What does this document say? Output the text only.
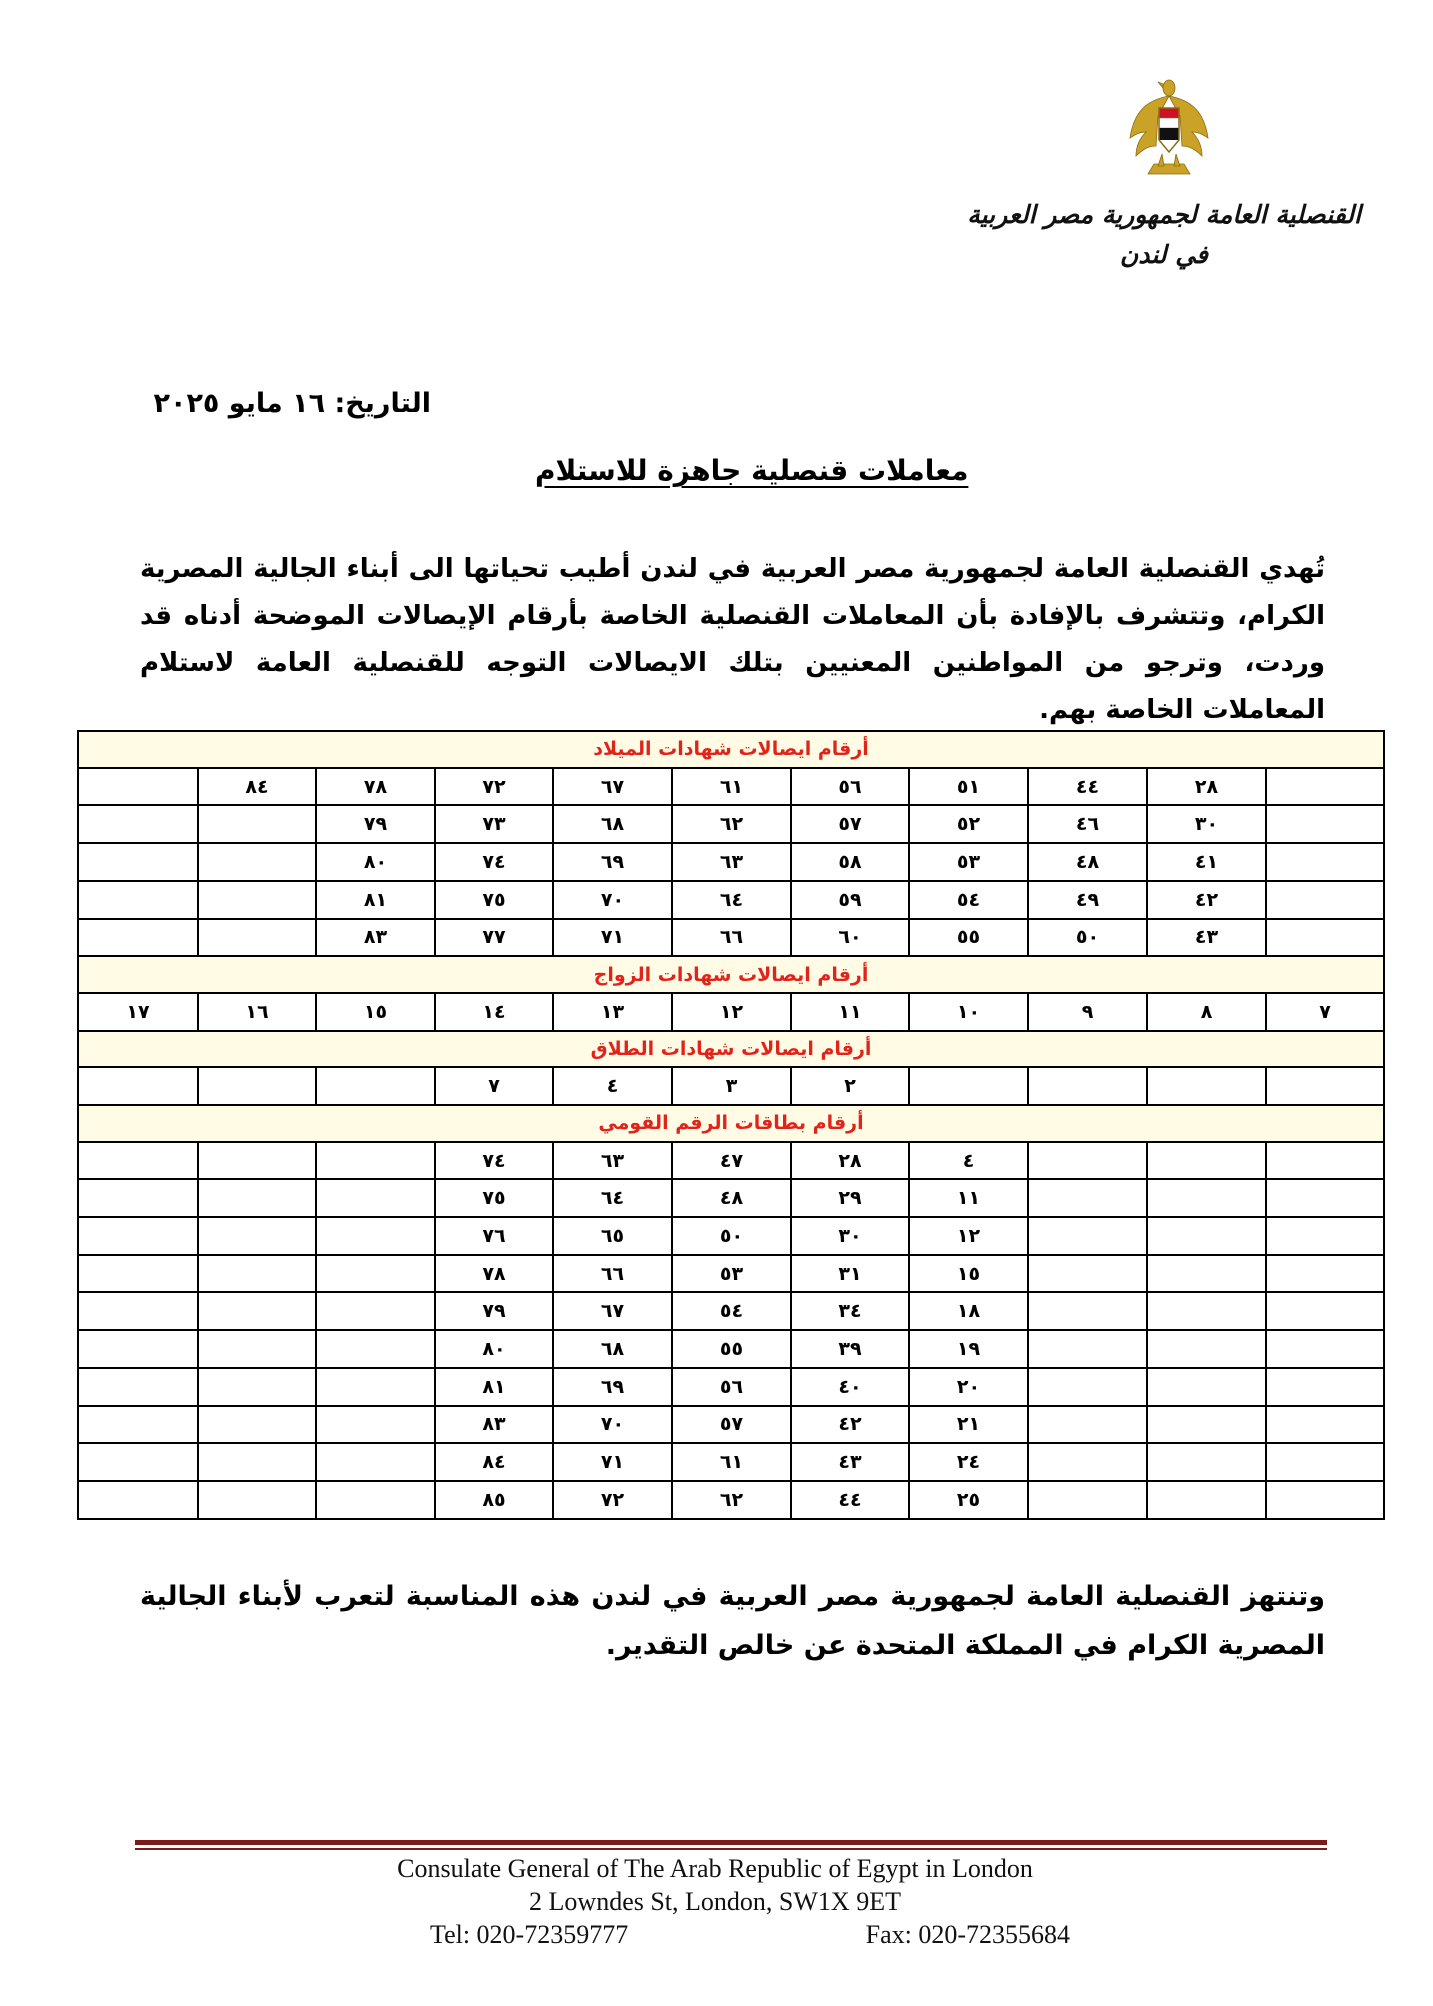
القنصلية العامة لجمهورية مصر العربية
في لندن
التاريخ: ١٦ مايو ٢٠٢٥
معاملات قنصلية جاهزة للاستلام
تُهدي القنصلية العامة لجمهورية مصر العربية في لندن أطيب تحياتها الى أبناء الجالية المصرية الكرام، وتتشرف بالإفادة بأن المعاملات القنصلية الخاصة بأرقام الإيصالات الموضحة أدناه قد وردت، وترجو من المواطنين المعنيين بتلك الايصالات التوجه للقنصلية العامة لاستلام المعاملات الخاصة بهم.
أرقام ايصالات شهادات الميلاد										
	٢٨	٤٤	٥١	٥٦	٦١	٦٧	٧٢	٧٨	٨٤	
	٣٠	٤٦	٥٢	٥٧	٦٢	٦٨	٧٣	٧٩		
	٤١	٤٨	٥٣	٥٨	٦٣	٦٩	٧٤	٨٠		
	٤٢	٤٩	٥٤	٥٩	٦٤	٧٠	٧٥	٨١		
	٤٣	٥٠	٥٥	٦٠	٦٦	٧١	٧٧	٨٣		
أرقام ايصالات شهادات الزواج										
٧	٨	٩	١٠	١١	١٢	١٣	١٤	١٥	١٦	١٧
أرقام ايصالات شهادات الطلاق										
				٢	٣	٤	٧			
أرقام بطاقات الرقم القومي										
			٤	٢٨	٤٧	٦٣	٧٤			
			١١	٢٩	٤٨	٦٤	٧٥			
			١٢	٣٠	٥٠	٦٥	٧٦			
			١٥	٣١	٥٣	٦٦	٧٨			
			١٨	٣٤	٥٤	٦٧	٧٩			
			١٩	٣٩	٥٥	٦٨	٨٠			
			٢٠	٤٠	٥٦	٦٩	٨١			
			٢١	٤٢	٥٧	٧٠	٨٣			
			٢٤	٤٣	٦١	٧١	٨٤			
			٢٥	٤٤	٦٢	٧٢	٨٥			
وتنتهز القنصلية العامة لجمهورية مصر العربية في لندن هذه المناسبة لتعرب لأبناء الجالية المصرية الكرام في المملكة المتحدة عن خالص التقدير.
Consulate General of The Arab Republic of Egypt in London
2 Lowndes St, London, SW1X 9ET
Tel: 020-72359777	Fax: 020-72355684
